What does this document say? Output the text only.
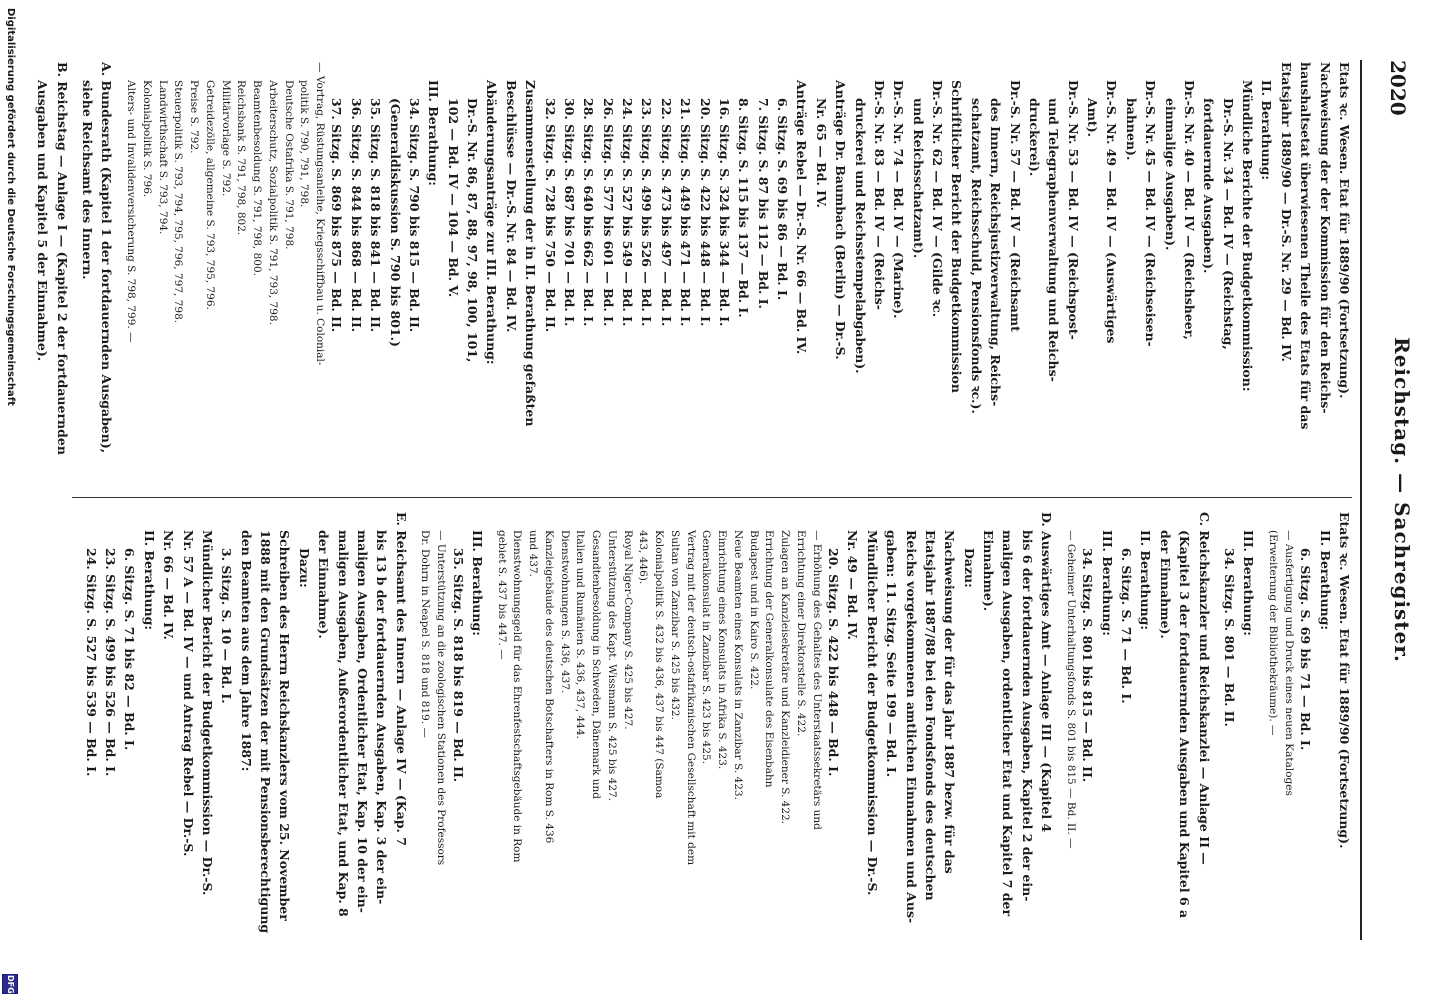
2020
Reichstag. — Sachregister.
Etats ꝛc. Wesen. Etat für 1889/90 (Fortsetzung).
Nachweisung der der Kommission für den Reichs-
haushaltsetat überwiesenen Theile des Etats für das
Etatsjahr 1889/90 — Dr.-S. Nr. 29 — Bd. IV.
II. Berathung:
Mündliche Berichte der Budgetkommission:
Dr.-S. Nr. 34 — Bd. IV — (Reichstag,
fortdauernde Ausgaben).
Dr.-S. Nr. 40 — Bd. IV — (Reichsheer,
einmalige Ausgaben).
Dr.-S. Nr. 45 — Bd. IV — (Reichseisen-
bahnen).
Dr.-S. Nr. 49 — Bd. IV — (Auswärtiges
Amt).
Dr.-S. Nr. 53 — Bd. IV — (Reichspost-
und Telegraphenverwaltung und Reichs-
druckerei).
Dr.-S. Nr. 57 — Bd. IV — (Reichsamt
des Innern, Reichsjustizverwaltung, Reichs-
schatzamt, Reichsschuld, Pensionsfonds ꝛc.).
Schriftlicher Bericht der Budgetkommission
Dr.-S. Nr. 62 — Bd. IV — (Gilde ꝛc.
und Reichsschatzamt).
Dr.-S. Nr. 74 — Bd. IV — (Marine).
Dr.-S. Nr. 83 — Bd. IV — (Reichs-
druckerei und Reichsstempelabgaben).
Anträge Dr. Baumbach (Berlin) — Dr.-S.
Nr. 65 — Bd. IV.
Anträge Rebel — Dr.-S. Nr. 66 — Bd. IV.
6. Sitzg. S. 69 bis 86 — Bd. I.
7. Sitzg. S. 87 bis 112 — Bd. I.
8. Sitzg. S. 115 bis 137 — Bd. I.
16. Sitzg. S. 324 bis 344 — Bd. I.
20. Sitzg. S. 422 bis 448 — Bd. I.
21. Sitzg. S. 449 bis 471 — Bd. I.
22. Sitzg. S. 473 bis 497 — Bd. I.
23. Sitzg. S. 499 bis 526 — Bd. I.
24. Sitzg. S. 527 bis 549 — Bd. I.
26. Sitzg. S. 577 bis 601 — Bd. I.
28. Sitzg. S. 640 bis 662 — Bd. I.
30. Sitzg. S. 687 bis 701 — Bd. I.
32. Sitzg. S. 728 bis 750 — Bd. II.
Zusammenstellung der in II. Berathung gefaßten
Beschlüsse — Dr.-S. Nr. 84 — Bd. IV.
Abänderungsanträge zur III. Berathung:
Dr.-S. Nr. 86, 87, 88, 97, 98, 100, 101,
102 — Bd. IV — 104 — Bd. V.
III. Berathung:
34. Sitzg. S. 790 bis 815 — Bd. II.
(Generaldiskussion S. 790 bis 801.)
35. Sitzg. S. 818 bis 841 — Bd. II.
36. Sitzg. S. 844 bis 868 — Bd. II.
37. Sitzg. S. 869 bis 875 — Bd. II.
— Vortrag, Rüstungsanleihe, Kriegsschiffbau u. Colonial-
politik S. 790, 791, 798.
Deutsche Ostafrika S. 791, 798.
Arbeiterschutz, Sozialpolitik S. 791, 793, 798.
Beamtenbesoldung S. 791, 798, 800.
Reichsbank S. 791, 798, 802.
Militärvorlage S. 792.
Getreidezölle, allgemeine S. 793, 795, 796.
Preise S. 792.
Steuerpolitik S. 793, 794, 795, 796, 797, 798.
Landwirthschaft S. 793, 794.
Kolonialpolitik S. 796.
Alters- und Invalidenversicherung S. 798, 799. —
A. Bundesrath (Kapitel 1 der fortdauernden Ausgaben),
siehe Reichsamt des Innern.
B. Reichstag — Anlage I — (Kapitel 2 der fortdauernden
Ausgaben und Kapitel 5 der Einnahme).
Etats ꝛc. Wesen. Etat für 1889/90 (Fortsetzung).
II. Berathung:
6. Sitzg. S. 69 bis 71 — Bd. I.
— Ausfertigung und Druck eines neuen Kataloges
(Erweiterung der Bibliothekräume). —
III. Berathung:
34. Sitzg. S. 801 — Bd. II.
C. Reichskanzler und Reichskanzlei — Anlage II —
(Kapitel 3 der fortdauernden Ausgaben und Kapitel 6 a
der Einnahme).
II. Berathung:
6. Sitzg. S. 71 — Bd. I.
III. Berathung:
34. Sitzg. S. 801 bis 815 — Bd. II.
— Geheimer Unterhaltungsfonds S. 801 bis 815 — Bd. II. —
D. Auswärtiges Amt — Anlage III — (Kapitel 4
bis 6 der fortdauernden Ausgaben, Kapitel 2 der ein-
maligen Ausgaben, ordentlicher Etat und Kapitel 7 der
Einnahme).
Dazu:
Nachweisung der für das Jahr 1887 bezw. für das
Etatsjahr 1887/88 bei den Fondsfonds des deutschen
Reichs vorgekommenen amtlichen Einnahmen und Aus-
gaben: 11. Sitzg. Seite 199 — Bd. I.
Mündlicher Bericht der Budgetkommission — Dr.-S.
Nr. 49 — Bd. IV.
20. Sitzg. S. 422 bis 448 — Bd. I.
— Erhöhung des Gehaltes des Unterstaatssekretärs und
Errichtung einer Direktorstelle S. 422.
Zulagen an Kanzleisekretäre und Kanzleidiener S. 422.
Errichtung der Generalkonsulate des Eisenbahn
Budapest und in Kairo S. 422.
Neue Beamten eines Konsulats in Zanzibar S. 423.
Einrichtung eines Konsulats in Afrika S. 423.
Generalkonsulat in Zanzibar S. 423 bis 425.
Vertrag mit der deutsch-ostafrikanischen Gesellschaft mit dem
Sultan von Zanzibar S. 425 bis 432.
Kolonialpolitik S. 432 bis 436, 437 bis 447 (Samoa
443, 446).
Royal Niger-Company S. 425 bis 427.
Unterstützung des Kapt. Wissmann S. 425 bis 427.
Gesandtenbesoldung in Schweden, Dänemark und
Italien und Rumänien S. 436, 437, 444.
Dienstwohnungen S. 436, 437.
Kanzleigebäude des deutschen Botschafters in Rom S. 436
und 437.
Dienstwohnungsgeld für das Ehrenfestschaftsgebäude in Rom
gebiet S. 437 bis 447. —
III. Berathung:
35. Sitzg. S. 818 bis 819 — Bd. II.
— Unterstützung an die zoologischen Stationen des Professors
Dr. Dohrn in Neapel S. 818 und 819. —
E. Reichsamt des Innern — Anlage IV — (Kap. 7
bis 13 b der fortdauernden Ausgaben, Kap. 3 der ein-
maligen Ausgaben, Ordentlicher Etat, Kap. 10 der ein-
maligen Ausgaben, Außerordentlicher Etat, und Kap. 8
der Einnahme).
Dazu:
Schreiben des Herrn Reichskanzlers vom 25. November
1888 mit den Grundsätzen der mit Pensionsberechtigung
den Beamten aus dem Jahre 1887:
3. Sitzg. S. 10 — Bd. I.
Mündlicher Bericht der Budgetkommission — Dr.-S.
Nr. 57 A — Bd. IV — und Antrag Rebel — Dr.-S.
Nr. 66 — Bd. IV.
II. Berathung:
6. Sitzg. S. 71 bis 82 — Bd. I.
23. Sitzg. S. 499 bis 526 — Bd. I.
24. Sitzg. S. 527 bis 539 — Bd. I.
Digitalisierung gefördert durch die Deutsche Forschungsgemeinschaft
DFG
